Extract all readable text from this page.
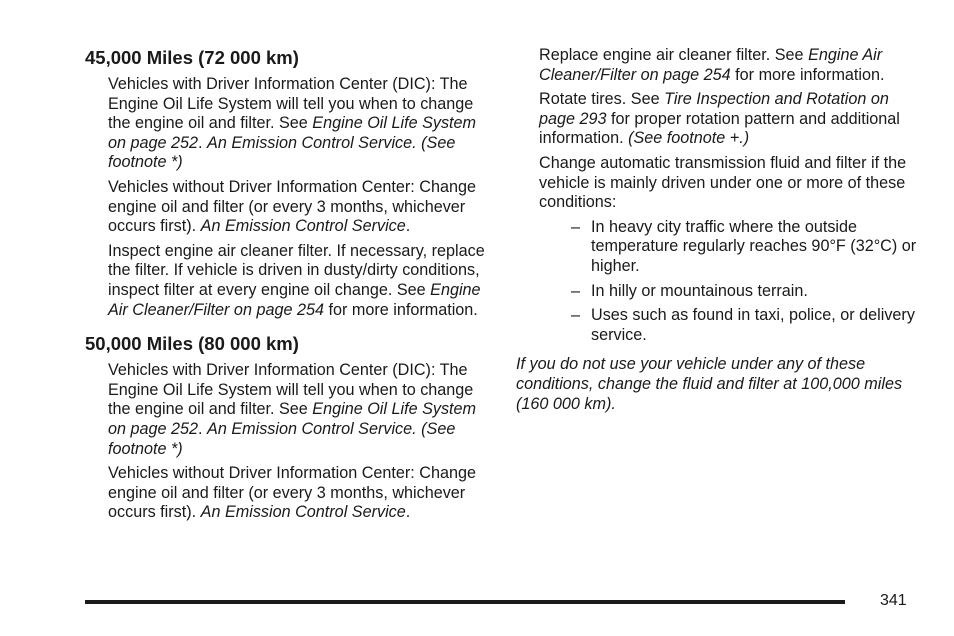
45,000 Miles (72 000 km)
Vehicles with Driver Information Center (DIC): The Engine Oil Life System will tell you when to change the engine oil and filter. See Engine Oil Life System on page 252. An Emission Control Service. (See footnote *)
Vehicles without Driver Information Center: Change engine oil and filter (or every 3 months, whichever occurs first). An Emission Control Service.
Inspect engine air cleaner filter. If necessary, replace the filter. If vehicle is driven in dusty/dirty conditions, inspect filter at every engine oil change. See Engine Air Cleaner/Filter on page 254 for more information.
50,000 Miles (80 000 km)
Vehicles with Driver Information Center (DIC): The Engine Oil Life System will tell you when to change the engine oil and filter. See Engine Oil Life System on page 252. An Emission Control Service. (See footnote *)
Vehicles without Driver Information Center: Change engine oil and filter (or every 3 months, whichever occurs first). An Emission Control Service.
Replace engine air cleaner filter. See Engine Air Cleaner/Filter on page 254 for more information.
Rotate tires. See Tire Inspection and Rotation on page 293 for proper rotation pattern and additional information. (See footnote +.)
Change automatic transmission fluid and filter if the vehicle is mainly driven under one or more of these conditions:
– In heavy city traffic where the outside temperature regularly reaches 90°F (32°C) or higher.
– In hilly or mountainous terrain.
– Uses such as found in taxi, police, or delivery service.
If you do not use your vehicle under any of these conditions, change the fluid and filter at 100,000 miles (160 000 km).
341
